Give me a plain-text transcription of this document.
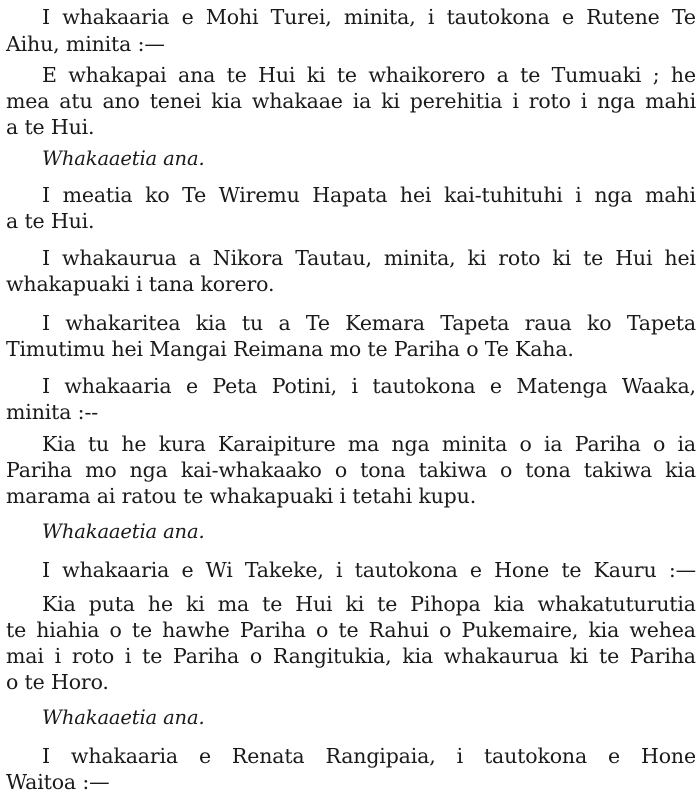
I whakaaria e Mohi Turei, minita, i tautokona e Rutene Te
Aihu, minita :—
E whakapai ana te Hui ki te whaikorero a te Tumuaki ; he
mea atu ano tenei kia whakaae ia ki perehitia i roto i nga mahi
a te Hui.
Whakaaetia ana.
I meatia ko Te Wiremu Hapata hei kai-tuhituhi i nga mahi
a te Hui.
I whakaurua a Nikora Tautau, minita, ki roto ki te Hui hei
whakapuaki i tana korero.
I whakaritea kia tu a Te Kemara Tapeta raua ko Tapeta
Timutimu hei Mangai Reimana mo te Pariha o Te Kaha.
I whakaaria e Peta Potini, i tautokona e Matenga Waaka,
minita :--
Kia tu he kura Karaipiture ma nga minita o ia Pariha o ia
Pariha mo nga kai-whakaako o tona takiwa o tona takiwa kia
marama ai ratou te whakapuaki i tetahi kupu.
Whakaaetia ana.
I whakaaria e Wi Takeke, i tautokona e Hone te Kauru :—
Kia puta he ki ma te Hui ki te Pihopa kia whakatuturutia
te hiahia o te hawhe Pariha o te Rahui o Pukemaire, kia wehea
mai i roto i te Pariha o Rangitukia, kia whakaurua ki te Pariha
o te Horo.
Whakaaetia ana.
I whakaaria e Renata Rangipaia, i tautokona e Hone
Waitoa :—
